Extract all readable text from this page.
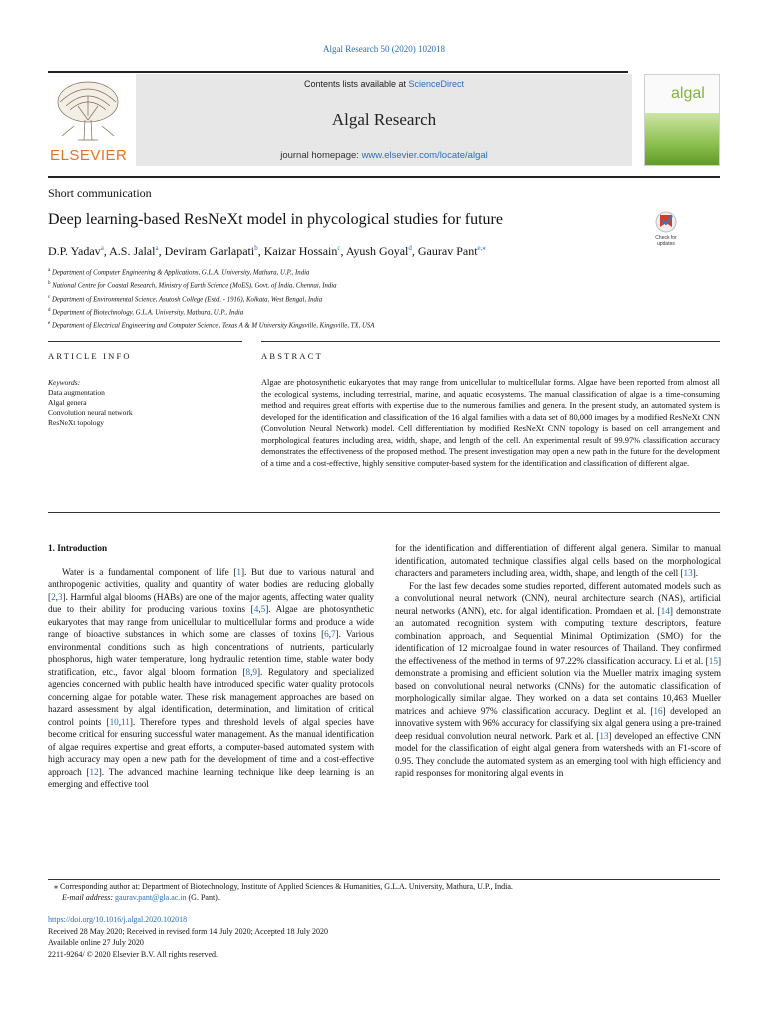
Algal Research 50 (2020) 102018
ELSEVIER
Contents lists available at ScienceDirect
Algal Research
journal homepage: www.elsevier.com/locate/algal
algal
Short communication
Deep learning-based ResNeXt model in phycological studies for future
Check for updates
D.P. Yadav$^a$, A.S. Jalal$^a$, Deviram Garlapati$^b$, Kaizar Hossain$^c$, Ayush Goyal$^d$, Gaurav Pant$^{e,⁎}$
$^a$ Department of Computer Engineering & Applications, G.L.A. University, Mathura, U.P., India
$^b$ National Centre for Coastal Research, Ministry of Earth Science (MoES), Govt. of India, Chennai, India
$^c$ Department of Environmental Science, Asutosh College (Estd. - 1916), Kolkata, West Bengal, India
$^d$ Department of Biotechnology, G.L.A. University, Mathura, U.P., India
$^e$ Department of Electrical Engineering and Computer Science, Texas A & M University Kingsville, Kingsville, TX, USA
ARTICLE INFO	ABSTRACT
Keywords:
Data augmentation
Algal genera
Convolution neural network
ResNeXt topology
Algae are photosynthetic eukaryotes that may range from unicellular to multicellular forms. Algae have been reported from almost all the ecological systems, including terrestrial, marine, and aquatic ecosystems. The manual classification of algae is a time-consuming method and requires great efforts with expertise due to the numerous families and genera. In the present study, an automated system is developed for the identification and classification of the 16 algal families with a data set of 80,000 images by a modified ResNeXt CNN (Convolution Neural Network) model. Cell differentiation by modified ResNeXt CNN topology is based on cell arrangement and morphological features including area, width, shape, and length of the cell. An experimental result of 99.97% classification accuracy demonstrates the effectiveness of the proposed method. The present investigation may open a new path in the future for the development of a time and a cost-effective, highly sensitive computer-based system for the identification and classification of different algae.
1. Introduction

Water is a fundamental component of life [1]. But due to various natural and anthropogenic activities, quality and quantity of water bodies are reducing globally [2,3]. Harmful algal blooms (HABs) are one of the major agents, affecting water quality due to their ability for producing various toxins [4,5]. Algae are photosynthetic eukaryotes that may range from unicellular to multicellular forms and produce a wide range of bioactive substances in which some are classes of toxins [6,7]. Various environmental conditions such as high concentrations of nutrients, particularly phosphorus, high water temperature, long hydraulic retention time, stable water body stratification, etc., favor algal bloom formation [8,9]. Regulatory and specialized agencies concerned with public health have introduced specific water quality protocols concerning algae for potable water. These risk management approaches are based on hazard assessment by algal identification, determination, and limitation of critical control points [10,11]. Therefore types and threshold levels of algal species have become critical for ensuring successful water management. As the manual identification of algae requires expertise and great efforts, a computer-based automated system with high accuracy may open a new path for the development of time and a cost-effective approach [12]. The advanced machine learning technique like deep learning is an emerging and effective tool

for the identification and differentiation of different algal genera. Similar to manual identification, automated technique classifies algal cells based on the morphological characters and parameters including area, width, shape, and length of the cell [13].

For the last few decades some studies reported, different automated models such as a convolutional neural network (CNN), neural architecture search (NAS), artificial neural networks (ANN), etc. for algal identification. Promdaen et al. [14] demonstrate an automated recognition system with computing texture descriptors, feature combination approach, and Sequential Minimal Optimization (SMO) for the identification of 12 microalgae found in water resources of Thailand. They confirmed the effectiveness of the method in terms of 97.22% classification accuracy. Li et al. [15] demonstrate a promising and efficient solution via the Mueller matrix imaging system based on convolutional neural networks (CNNs) for the automatic classification of morphologically similar algae. They worked on a data set contains 10,463 Mueller matrices and achieve 97% classification accuracy. Deglint et al. [16] developed an innovative system with 96% accuracy for classifying six algal genera using a pre-trained deep residual convolution neural network. Park et al. [13] developed an effective CNN model for the classification of eight algal genera from watersheds with an F1-score of 0.95. They conclude the automated system as an emerging tool with high efficiency and rapid responses for monitoring algal events in

⁎ Corresponding author at: Department of Biotechnology, Institute of Applied Sciences & Humanities, G.L.A. University, Mathura, U.P., India.
E-mail address: gaurav.pant@gla.ac.in (G. Pant).
https://doi.org/10.1016/j.algal.2020.102018
Received 28 May 2020; Received in revised form 14 July 2020; Accepted 18 July 2020
Available online 27 July 2020
2211-9264/ © 2020 Elsevier B.V. All rights reserved.
